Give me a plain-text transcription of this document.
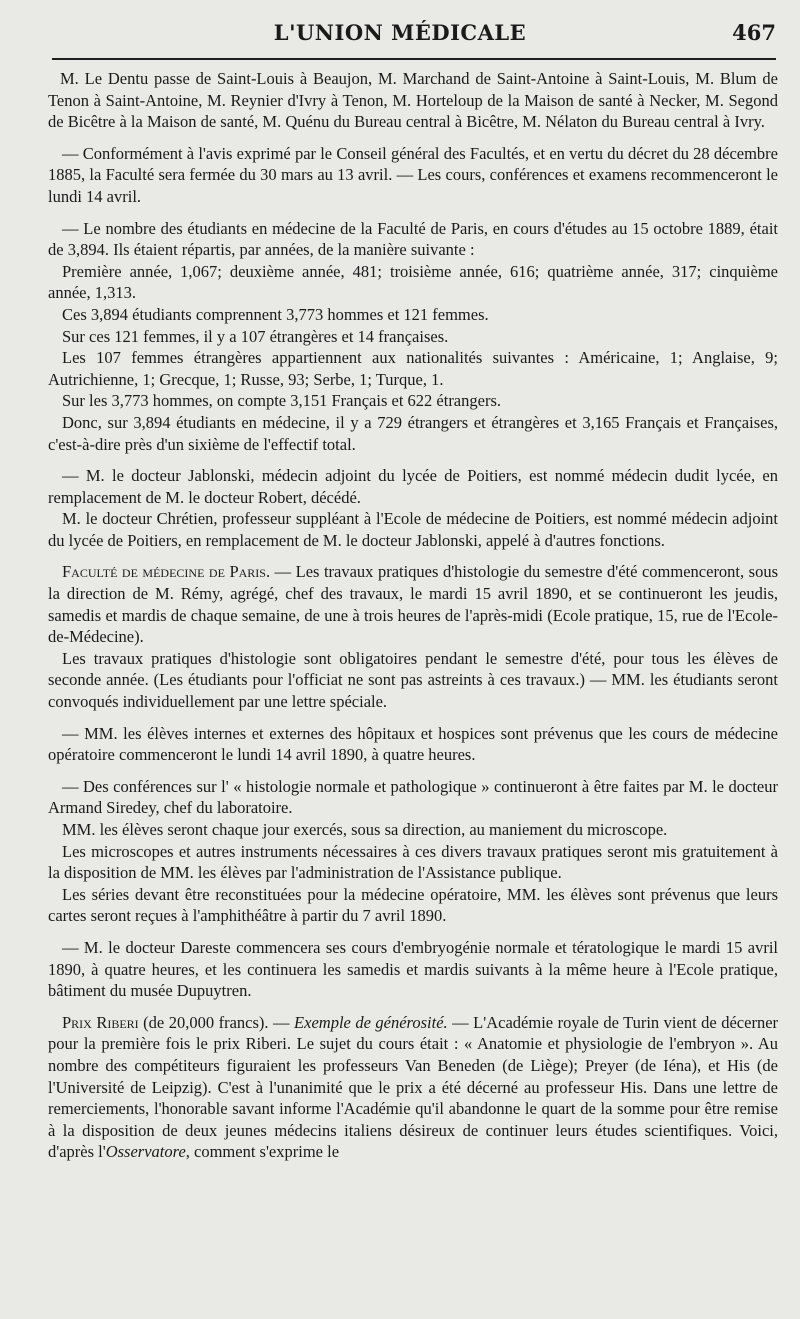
L'UNION MÉDICALE	467

M. Le Dentu passe de Saint-Louis à Beaujon, M. Marchand de Saint-Antoine à Saint-Louis, M. Blum de Tenon à Saint-Antoine, M. Reynier d'Ivry à Tenon, M. Horteloup de la Maison de santé à Necker, M. Segond de Bicêtre à la Maison de santé, M. Quénu du Bureau central à Bicêtre, M. Nélaton du Bureau central à Ivry.

— Conformément à l'avis exprimé par le Conseil général des Facultés, et en vertu du décret du 28 décembre 1885, la Faculté sera fermée du 30 mars au 13 avril. — Les cours, conférences et examens recommenceront le lundi 14 avril.

— Le nombre des étudiants en médecine de la Faculté de Paris, en cours d'études au 15 octobre 1889, était de 3,894. Ils étaient répartis, par années, de la manière suivante :

Première année, 1,067; deuxième année, 481; troisième année, 616; quatrième année, 317; cinquième année, 1,313.

Ces 3,894 étudiants comprennent 3,773 hommes et 121 femmes.

Sur ces 121 femmes, il y a 107 étrangères et 14 françaises.

Les 107 femmes étrangères appartiennent aux nationalités suivantes : Américaine, 1; Anglaise, 9; Autrichienne, 1; Grecque, 1; Russe, 93; Serbe, 1; Turque, 1.

Sur les 3,773 hommes, on compte 3,151 Français et 622 étrangers.

Donc, sur 3,894 étudiants en médecine, il y a 729 étrangers et étrangères et 3,165 Français et Françaises, c'est-à-dire près d'un sixième de l'effectif total.

— M. le docteur Jablonski, médecin adjoint du lycée de Poitiers, est nommé médecin dudit lycée, en remplacement de M. le docteur Robert, décédé.

M. le docteur Chrétien, professeur suppléant à l'Ecole de médecine de Poitiers, est nommé médecin adjoint du lycée de Poitiers, en remplacement de M. le docteur Jablonski, appelé à d'autres fonctions.

Faculté de médecine de Paris. — Les travaux pratiques d'histologie du semestre d'été commenceront, sous la direction de M. Rémy, agrégé, chef des travaux, le mardi 15 avril 1890, et se continueront les jeudis, samedis et mardis de chaque semaine, de une à trois heures de l'après-midi (Ecole pratique, 15, rue de l'Ecole-de-Médecine).

Les travaux pratiques d'histologie sont obligatoires pendant le semestre d'été, pour tous les élèves de seconde année. (Les étudiants pour l'officiat ne sont pas astreints à ces travaux.) — MM. les étudiants seront convoqués individuellement par une lettre spéciale.

— MM. les élèves internes et externes des hôpitaux et hospices sont prévenus que les cours de médecine opératoire commenceront le lundi 14 avril 1890, à quatre heures.

— Des conférences sur l' « histologie normale et pathologique » continueront à être faites par M. le docteur Armand Siredey, chef du laboratoire.

MM. les élèves seront chaque jour exercés, sous sa direction, au maniement du microscope.

Les microscopes et autres instruments nécessaires à ces divers travaux pratiques seront mis gratuitement à la disposition de MM. les élèves par l'administration de l'Assistance publique.

Les séries devant être reconstituées pour la médecine opératoire, MM. les élèves sont prévenus que leurs cartes seront reçues à l'amphithéâtre à partir du 7 avril 1890.

— M. le docteur Dareste commencera ses cours d'embryogénie normale et tératologique le mardi 15 avril 1890, à quatre heures, et les continuera les samedis et mardis suivants à la même heure à l'Ecole pratique, bâtiment du musée Dupuytren.

Prix Riberi (de 20,000 francs). — Exemple de générosité. — L'Académie royale de Turin vient de décerner pour la première fois le prix Riberi. Le sujet du cours était : « Anatomie et physiologie de l'embryon ». Au nombre des compétiteurs figuraient les professeurs Van Beneden (de Liège); Preyer (de Iéna), et His (de l'Université de Leipzig). C'est à l'unanimité que le prix a été décerné au professeur His. Dans une lettre de remerciements, l'honorable savant informe l'Académie qu'il abandonne le quart de la somme pour être remise à la disposition de deux jeunes médecins italiens désireux de continuer leurs études scientifiques. Voici, d'après l'Osservatore, comment s'exprime le
